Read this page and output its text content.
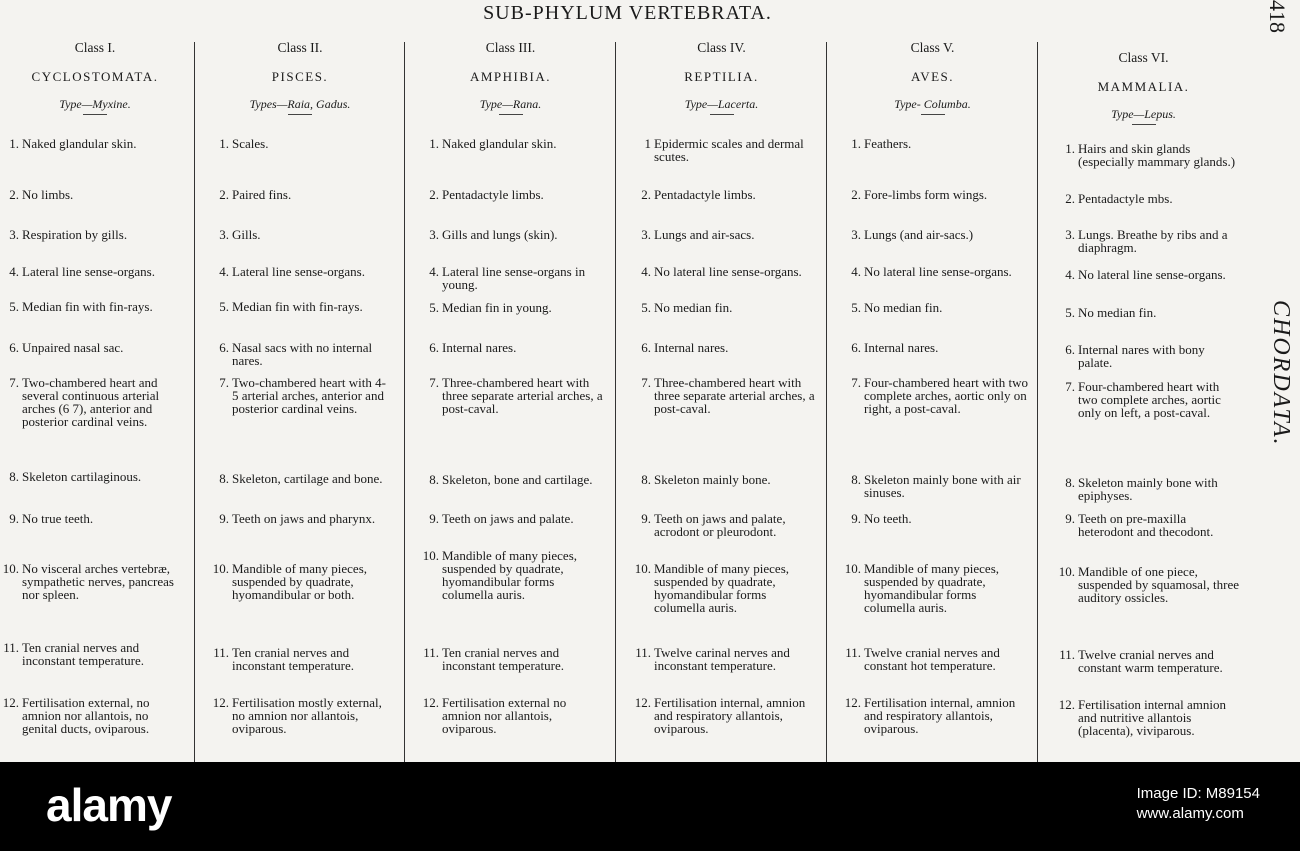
SUB-PHYLUM VERTEBRATA.	418
CHORDATA.
Class I.
CYCLOSTOMATA.
Type—Myxine.
1. Naked glandular skin.
2. No limbs.
3. Respiration by gills.
4. Lateral line sense-organs.
5. Median fin with fin-rays.
6. Unpaired nasal sac.
7. Two-chambered heart and several continuous arterial arches (6 7), anterior and posterior cardinal veins.
8. Skeleton cartilaginous.
9. No true teeth.
10. No visceral arches vertebræ, sympathetic nerves, pancreas nor spleen.
11. Ten cranial nerves and inconstant temperature.
12. Fertilisation external, no amnion nor allantois, no genital ducts, oviparous.
Class II.
PISCES.
Types—Raia, Gadus.
1. Scales.
2. Paired fins.
3. Gills.
4. Lateral line sense-organs.
5. Median fin with fin-rays.
6. Nasal sacs with no internal nares.
7. Two-chambered heart with 4-5 arterial arches, anterior and posterior cardinal veins.
8. Skeleton, cartilage and bone.
9. Teeth on jaws and pharynx.
10. Mandible of many pieces, suspended by quadrate, hyomandibular or both.
11. Ten cranial nerves and inconstant temperature.
12. Fertilisation mostly external, no amnion nor allantois, oviparous.
Class III.
AMPHIBIA.
Type—Rana.
1. Naked glandular skin.
2. Pentadactyle limbs.
3. Gills and lungs (skin).
4. Lateral line sense-organs in young.
5. Median fin in young.
6. Internal nares.
7. Three-chambered heart with three separate arterial arches, a post-caval.
8. Skeleton, bone and cartilage.
9. Teeth on jaws and palate.
10. Mandible of many pieces, suspended by quadrate, hyomandibular forms columella auris.
11. Ten cranial nerves and inconstant temperature.
12. Fertilisation external no amnion nor allantois, oviparous.
Class IV.
REPTILIA.
Type—Lacerta.
1 Epidermic scales and dermal scutes.
2. Pentadactyle limbs.
3. Lungs and air-sacs.
4. No lateral line sense-organs.
5. No median fin.
6. Internal nares.
7. Three-chambered heart with three separate arterial arches, a post-caval.
8. Skeleton mainly bone.
9. Teeth on jaws and palate, acrodont or pleurodont.
10. Mandible of many pieces, suspended by quadrate, hyomandibular forms columella auris.
11. Twelve carinal nerves and inconstant temperature.
12. Fertilisation internal, amnion and respiratory allantois, oviparous.
Class V.
AVES.
Type- Columba.
1. Feathers.
2. Fore-limbs form wings.
3. Lungs (and air-sacs.)
4. No lateral line sense-organs.
5. No median fin.
6. Internal nares.
7. Four-chambered heart with two complete arches, aortic only on right, a post-caval.
8. Skeleton mainly bone with air sinuses.
9. No teeth.
10. Mandible of many pieces, suspended by quadrate, hyomandibular forms columella auris.
11. Twelve cranial nerves and constant hot temperature.
12. Fertilisation internal, amnion and respiratory allantois, oviparous.
Class VI.
MAMMALIA.
Type—Lepus.
1. Hairs and skin glands (especially mammary glands.)
2. Pentadactyle mbs.
3. Lungs. Breathe by ribs and a diaphragm.
4. No lateral line sense-organs.
5. No median fin.
6. Internal nares with bony palate.
7. Four-chambered heart with two complete arches, aortic only on left, a post-caval.
8. Skeleton mainly bone with epiphyses.
9. Teeth on pre-maxilla heterodont and thecodont.
10. Mandible of one piece, suspended by squamosal, three auditory ossicles.
11. Twelve cranial nerves and constant warm temperature.
12. Fertilisation internal amnion and nutritive allantois (placenta), viviparous.
alamy	Image ID: M89154
www.alamy.com
